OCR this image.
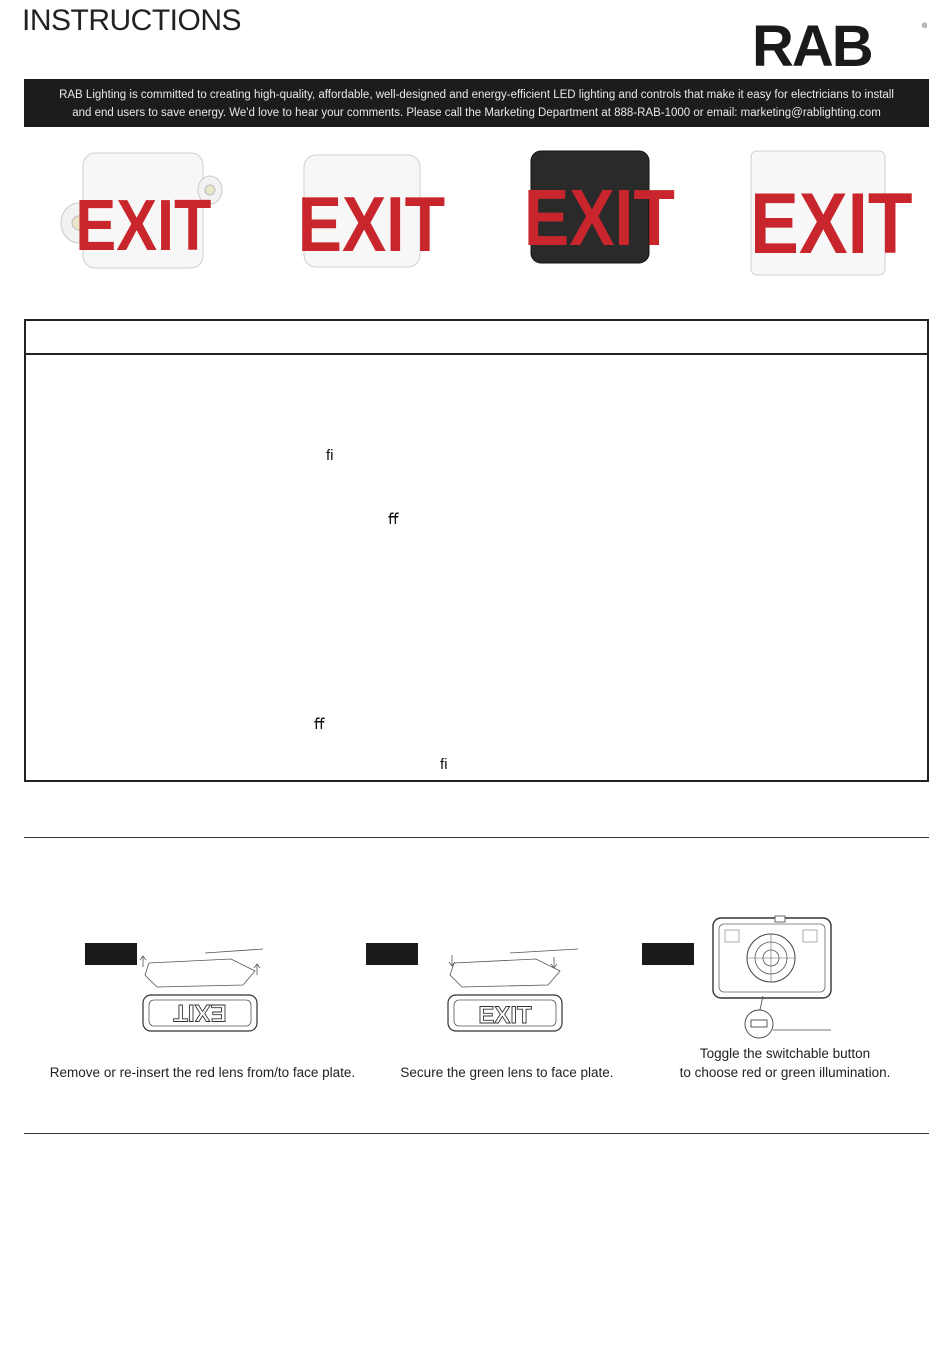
INSTRUCTIONS	RAB	®
RAB Lighting is committed to creating high-quality, affordable, well-designed and energy-efficient LED lighting and controls that make it easy for electricians to install
and end users to save energy. We'd love to hear your comments. Please call the Marketing Department at 888-RAB-1000 or email: marketing@rablighting.com
EXIT EXIT EXIT EXIT
ﬁ
ﬀ
ﬀ
ﬁ
EXIT
Remove or re-insert the red lens from/to face plate.
EXIT
Secure the green lens to face plate.
Toggle the switchable button
to choose red or green illumination.
